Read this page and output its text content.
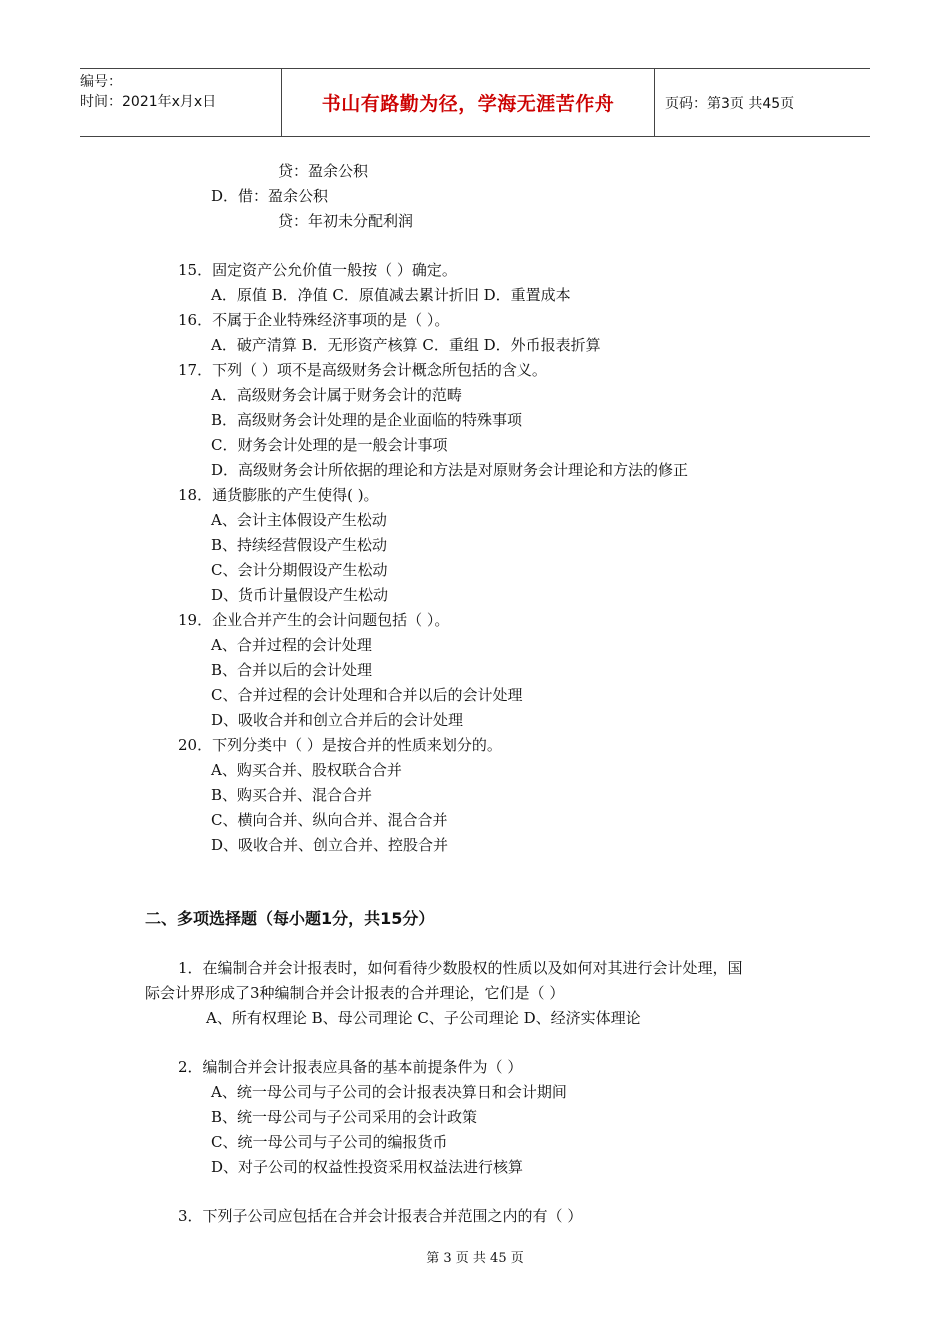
编号：
时间：2021年x月x日	书山有路勤为径，学海无涯苦作舟	页码：第3页 共45页
贷：盈余公积
D．借：盈余公积
贷：年初未分配利润
15．固定资产公允价值一般按（ ）确定。
A．原值 B．净值 C．原值减去累计折旧 D．重置成本
16．不属于企业特殊经济事项的是（ ）。
A．破产清算 B．无形资产核算 C．重组 D．外币报表折算
17．下列（ ）项不是高级财务会计概念所包括的含义。
A．高级财务会计属于财务会计的范畴
B．高级财务会计处理的是企业面临的特殊事项
C．财务会计处理的是一般会计事项
D．高级财务会计所依据的理论和方法是对原财务会计理论和方法的修正
18．通货膨胀的产生使得( )。
A、会计主体假设产生松动
B、持续经营假设产生松动
C、会计分期假设产生松动
D、货币计量假设产生松动
19．企业合并产生的会计问题包括（ ）。
A、合并过程的会计处理
B、合并以后的会计处理
C、合并过程的会计处理和合并以后的会计处理
D、吸收合并和创立合并后的会计处理
20．下列分类中（ ）是按合并的性质来划分的。
A、购买合并、股权联合合并
B、购买合并、混合合并
C、横向合并、纵向合并、混合合并
D、吸收合并、创立合并、控股合并
二、多项选择题（每小题1分，共15分）
1．在编制合并会计报表时，如何看待少数股权的性质以及如何对其进行会计处理，国
际会计界形成了3种编制合并会计报表的合并理论，它们是（ ）
A、所有权理论 B、母公司理论 C、子公司理论 D、经济实体理论
2．编制合并会计报表应具备的基本前提条件为（ ）
A、统一母公司与子公司的会计报表决算日和会计期间
B、统一母公司与子公司采用的会计政策
C、统一母公司与子公司的编报货币
D、对子公司的权益性投资采用权益法进行核算
3．下列子公司应包括在合并会计报表合并范围之内的有（ ）
第 3 页 共 45 页
